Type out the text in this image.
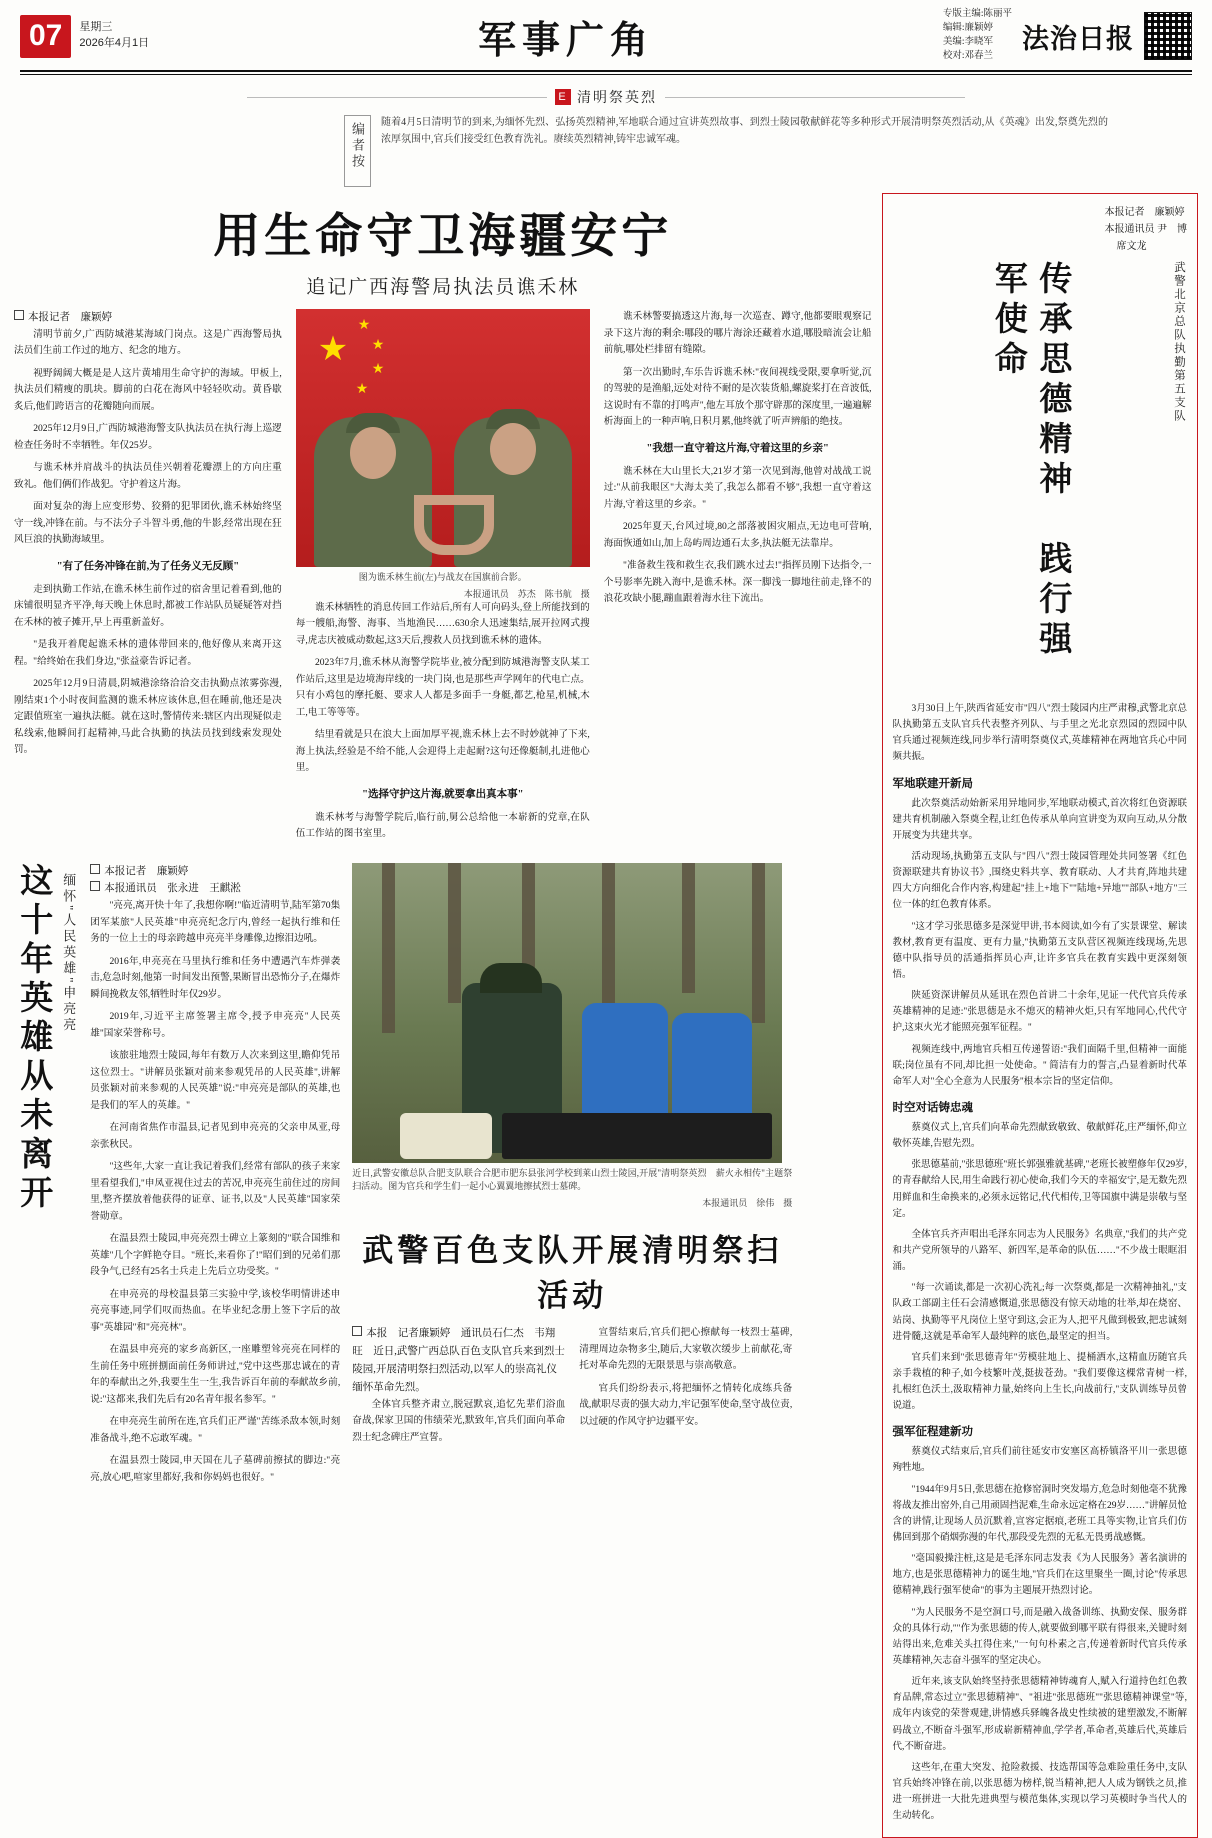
07	星期三
2026年4月1日	军事广角
专版主编:陈丽平
编辑:廉颖婷
美编:李晓军
校对:邓春兰
法治日报
E 清明祭英烈
编者按	随着4月5日清明节的到来,为缅怀先烈、弘扬英烈精神,军地联合通过宣讲英烈故事、到烈士陵园敬献鲜花等多种形式开展清明祭英烈活动,从《英魂》出发,祭奠先烈的浓厚氛围中,官兵们接受红色教育洗礼。赓续英烈精神,铸牢忠诚军魂。
用生命守卫海疆安宁
追记广西海警局执法员谯禾林
本报记者　廉颖婷

清明节前夕,广西防城港某海域门岗点。这是广西海警局执法员们生前工作过的地方、纪念的地方。

视野阔阔大概是是人这片黄埔用生命守护的海域。甲板上,执法员们精瘦的肌块。脚前的白花在海风中轻轻吹动。黄昏歇炙后,他们跨语言的花瓣随向而展。

2025年12月9日,广西防城港海警支队执法员在执行海上巡逻检查任务时不幸牺牲。年仅25岁。

与谯禾林并肩战斗的执法员佳兴朝着花瓣漂上的方向庄重致礼。他们俩们作战犯。守护着这片海。

面对复杂的海上应变形势、狡猾的犯罪团伙,谯禾林始终坚守一线,冲锋在前。与不法分子斗智斗勇,他的牛影,经常出现在狂风巨浪的执勤海域里。

"有了任务冲锋在前,为了任务义无反顾"

走到执勤工作站,在谯禾林生前作过的宿舍里记着看到,他的床铺很明显齐平净,每天晚上休息时,都被工作站队员疑疑答对挡在禾林的被子摊开,早上再重新盖好。

"是我开着爬起谯禾林的遗体带回来的,他好像从来离开这程。"给终始在我们身边,"张益豪告诉记者。

2025年12月9日清晨,阴城港涂络洽洽交击执勤点浓雾弥漫,刚结束1个小时夜间监测的谯禾林应该休息,但在睡前,他还是决定跟值班室一遍执法艇。就在这时,警情传来:辖区内出现疑似走私线索,他瞬间打起精神,马此合执勤的执法员找到线索发现处罚。

★
★
★
★
★
图为谯禾林生前(左)与战友在国旗前合影。
本报通讯员　苏杰　陈书航　摄

谯禾林牺牲的消息传回工作站后,所有人可向码头,登上所能找到的每一艘船,海警、海事、当地渔民……630余人迅速集结,展开拉网式搜寻,虎志庆被威动数起,这3天后,搜救人员找到谯禾林的遗体。

2023年7月,谯禾林从海警学院毕业,被分配到防城港海警支队某工作站后,这里是边境海岸线的一块门岗,也是那些声学网年的代电亡点。只有小鸡包的摩托艇、要求人人都是多面手一身艇,都艺,枪星,机械,木工,电工等等等。

结里看就是只在浪大上面加厚平视,谯禾林上去不时妙就神了下来,海上执法,经验是不给不能,人会迎得上走起耐?这句还像艇制,扎进他心里。

"选择守护这片海,就要拿出真本事"

谯禾林考与海警学院后,临行前,舅公总给他一本崭新的党章,在队伍工作站的图书室里。

谯禾林警要搞透这片海,每一次巡查、蹲守,他都要眼观察记录下这片海的剩余:哪段的哪片海涂还藏着水道,哪股暗流会让船前航,哪处栏排留有缝隙。

第一次出勤时,车乐告诉谯禾林:"夜间视线受限,要拿听觉,沉的驾驶的是渔船,远处对待不耐的是次装货船,螺旋桨打在音波低,这说时有不靠的打鸣声",他左耳放个那守辟那的深度里,一遍遍解析海面上的一种声响,日积月累,他终就了听声辨船的绝技。

"我想一直守着这片海,守着这里的乡亲"

谯禾林在大山里长大,21岁才第一次见到海,他曾对战战工说过:"从前我眼区"大海太美了,我怎么都看不够",我想一直守着这片海,守着这里的乡亲。"

2025年夏天,台风过境,80之部落被困灾厢点,无边电可营响,海面恢通如山,加上岛屿周边通石太多,执法艇无法靠岸。

"准备救生筏和救生衣,我们跳水过去!"指挥员刚下达指令,一个号影率先跳入海中,是谯禾林。深一脚浅一脚地往前走,锋不的浪花攻缺小腿,蹦血跟着海水往下流出。

这十年英雄从未离开 缅怀"人民英雄"申亮亮
本报记者　廉颖婷
本报通讯员　张永进　王麒淞

"亮亮,离开快十年了,我想你啊!"临近清明节,陆军第70集团军某旅"人民英雄"申亮亮纪念厅内,曾经一起执行维和任务的一位上士的母亲跨越申亮亮半身雕像,边擦泪边吼。

2016年,申亮亮在马里执行维和任务中遭遇汽车炸弹袭击,危急时刻,他第一时间发出预警,果断冒出恐怖分子,在爆炸瞬间挽救友邻,牺牲时年仅29岁。

2019年,习近平主席签署主席令,授予申亮亮"人民英雄"国家荣誉称号。

该旅驻地烈士陵园,每年有数万人次来到这里,瞻仰凭吊这位烈士。"讲解员张颖对前来参观凭吊的人民英雄",讲解员张颖对前来参观的人民英雄"说:"申亮亮是部队的英雄,也是我们的军人的英雄。"

在河南省焦作市温县,记者见到申亮亮的父亲申凤亚,母亲张秋民。

"这些年,大家一直让我记着我们,经常有部队的孩子来家里看望我们,"申凤亚视住过去的苦况,申亮亮生前住过的房间里,整齐摆放着他获得的证章、证书,以及"人民英雄"国家荣誉勋章。

在温县烈士陵园,申亮亮烈士碑立上篆刻的"联合国维和英雄"几个字鲜艳夺目。"班长,来看你了!"昭们到的兄弟们那段争气,已经有25名士兵走上先后立功受奖。"

在申亮亮的母校温县第三实验中学,该校华明情讲述申亮亮事迹,同学们叹而热血。在毕业纪念册上签下字后的故事"英雄园"和"亮亮林"。

在温县申亮亮的家乡高新区,一座雕塑耸亮亮在同样的生前任务中班拼捌面前任务师讲过,"党中这些那忠诚在的青年的奉献出之外,我要生生一生,我告诉百年前的奉献故乡前,说:"这都来,我们先后有20名青年报名参军。"

在申亮亮生前所在连,官兵们正严谨"苦练杀敌本领,时刻准备战斗,绝不忘敢军魂。"

在温县烈士陵园,申天国在儿子墓碑前擦拭的脚边:"亮亮,放心吧,喧家里都好,我和你妈妈也很好。"

近日,武警安徽总队合肥支队联合合肥市肥东县张河学校到莱山烈士陵园,开展"清明祭英烈　薪火永相传"主题祭扫活动。图为官兵和学生们一起小心翼翼地擦拭烈士墓碑。
本报通讯员　徐伟　摄
武警百色支队开展清明祭扫活动
本报　记者廉颖婷　通讯员石仁杰　韦翔旺　近日,武警广西总队百色支队官兵来到烈士陵园,开展清明祭扫烈活动,以军人的崇高礼仪缅怀革命先烈。

全体官兵整齐肃立,脱冠默哀,追忆先辈们浴血奋战,保家卫国的伟绩荣光,默致年,官兵们面向革命烈士纪念碑庄严宣誓。

宣誓结束后,官兵们把心擦献每一枝烈士墓碑,清理周边杂物多尘,随后,大家敬次缓步上前献花,寄托对革命先烈的无限景思与崇高敬意。

官兵们纷纷表示,将把缅怀之情转化成练兵备战,献职尽责的强大动力,牢记强军使命,坚守战位责,以过硬的作风守护边疆平安。

本报记者　廉颖婷
本报通讯员 尹　博
席文龙
传承思德精神　践行强军使命	武警北京总队执勤第五支队

3月30日上午,陕西省延安市"四八"烈士陵园内庄严肃穆,武警北京总队执勤第五支队官兵代表整齐列队、与手里之光北京烈园的烈园中队官兵通过视频连线,同步举行清明祭奠仪式,英雄精神在两地官兵心中同频共振。

军地联建开新局

此次祭奠活动始新采用异地同步,军地联动模式,首次将红色资源联建共育机制融入祭奠全程,让红色传承从单向宣讲变为双向互动,从分散开展变为共建共享。

活动现场,执勤第五支队与"四八"烈士陵园管理处共同签署《红色资源联建共育协议书》,围绕史料共享、教育联动、人才共育,阵地共建四大方向细化合作内容,构建起"挂上+地下""陆地+异地""部队+地方"三位一体的红色教育体系。

"这才学习张思德多是深觉甲讲,书本阅读,如今有了实景课堂、解读教材,教育更有温度、更有力量,"执勤第五支队营区视频连线现场,先思德中队指导员的活通指挥员心声,让许多官兵在教育实践中更深刻领悟。

陕延资深讲解员从延讯在烈色首讲二十余年,见证一代代官兵传承英雄精神的足迹:"张思德是永不熄灭的精神火炬,只有军地同心,代代守护,这束火光才能照亮强军征程。"

视频连线中,两地官兵相互传递誓语:"我们面隔千里,但精神一面能联;岗位虽有不同,却比担一处使命。" 简洁有力的誓言,凸显着新时代革命军人对"全心全意为人民服务"根本宗旨的坚定信仰。

时空对话铸忠魂

蔡奠仪式上,官兵们向革命先烈献致敬致、敬献鲜花,庄严缅怀,仰立敬怀英雄,告慰先烈。

张思德墓前,"张思德班"班长郭强雅就基碑,"老班长被塑修年仅29岁,的青春献给人民,用生命践行初心使命,我们今天的幸福安宁,是无数先烈用鲜血和生命换来的,必须永远铭记,代代相传,卫等国旗中满是崇敬与坚定。

全体官兵齐声唱出毛泽东同志为人民服务》名典章,"我们的共产党和共产党所领导的八路军、新四军,是革命的队伍……"不少战士眼眶泪涌。

"每一次诵读,都是一次初心洗礼;每一次祭奠,都是一次精神抽礼,"支队政工部副主任石会清感慨道,张思德没有惊天动地的壮举,却在烧窑、站岗、执勤等平凡岗位上坚守到这,会正为人,把平凡做到极致,把忠诚刻进骨髓,这就是革命军人最纯粹的底色,最坚定的担当。

官兵们来到"张思德青年"劳模驻地上、提桶洒水,这精血历随官兵亲手栽植的种子,如今枝繁叶茂,挺拔苍劲。"我们要像这棵常青树一样,扎根红色沃土,汲取精神力量,始终向上生长,向战前行,"支队训练导员曾说道。

强军征程建新功

蔡奠仪式结束后,官兵们前往延安市安塞区高桥镇洛平川一张思德殉牲地。

"1944年9月5日,张思德在抢修窑洞时突发塌方,危急时刻他毫不犹豫将战友推出窑外,自己用顽固挡泥难,生命永远定格在29岁……"讲解员怆含的讲情,让现场人员沉默着,宣容定据痕,老班工具等实物,让官兵们仿佛回到那个硝烟弥漫的年代,那段受先烈的无私无畏勇战感慨。

"毫国毅操注桩,这是是毛泽东同志发表《为人民服务》著名演讲的地方,也是张思德精神力的诞生地,"官兵们在这里聚坐一圈,讨论"传承思德精神,践行强军使命"的事为主题展开热烈讨论。

"为人民服务不是空洞口号,而是融入战备训练、执勤安保、服务群众的具体行动,""作为张思德的传人,就要做到哪平联有得很来,关键时刻站得出来,危难关头扛得住来,"一句句朴素之言,传递着新时代官兵传承英雄精神,矢志奋斗强军的坚定决心。

近年来,该支队始终坚持张思德精神铸魂育人,赋入行道持色红色教育品牌,常态过立"张思德精神"、"祖进"张思德班""张思德精神课堂"等,成年内该党的荣誉观建,讲情感兵驿魄各战史性续被的建塑激发,不断解码战立,不断奋斗强军,形成崭新精神血,学学者,革命者,英雄后代,英雄后代,不断奋进。

这些年,在重大突发、抢险救援、技选帮国等急难险重任务中,支队官兵始终冲锋在前,以张思德为榜样,锐当精神,把人人成为钢铁之员,推进一班拼进一大批先进典型与模范集体,实现以学习英模时争当代人的生动转化。
